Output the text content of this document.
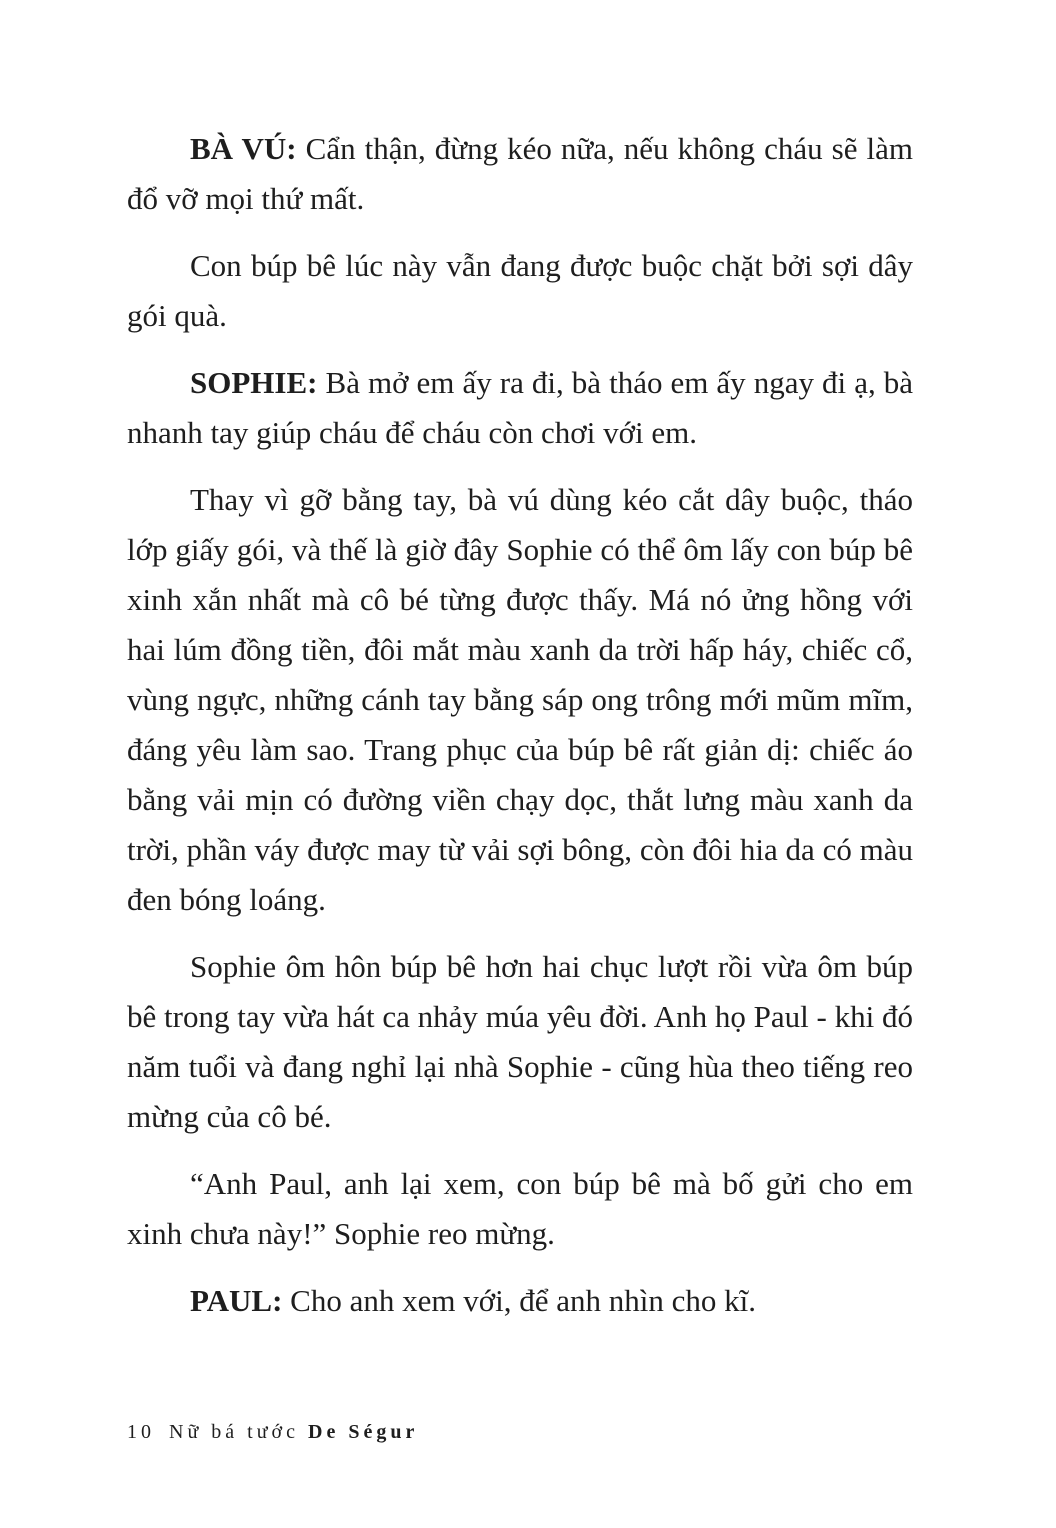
BÀ VÚ: Cẩn thận, đừng kéo nữa, nếu không cháu sẽ làm đổ vỡ mọi thứ mất.

Con búp bê lúc này vẫn đang được buộc chặt bởi sợi dây gói quà.

SOPHIE: Bà mở em ấy ra đi, bà tháo em ấy ngay đi ạ, bà nhanh tay giúp cháu để cháu còn chơi với em.

Thay vì gỡ bằng tay, bà vú dùng kéo cắt dây buộc, tháo lớp giấy gói, và thế là giờ đây Sophie có thể ôm lấy con búp bê xinh xắn nhất mà cô bé từng được thấy. Má nó ửng hồng với hai lúm đồng tiền, đôi mắt màu xanh da trời hấp háy, chiếc cổ, vùng ngực, những cánh tay bằng sáp ong trông mới mũm mĩm, đáng yêu làm sao. Trang phục của búp bê rất giản dị: chiếc áo bằng vải mịn có đường viền chạy dọc, thắt lưng màu xanh da trời, phần váy được may từ vải sợi bông, còn đôi hia da có màu đen bóng loáng.

Sophie ôm hôn búp bê hơn hai chục lượt rồi vừa ôm búp bê trong tay vừa hát ca nhảy múa yêu đời. Anh họ Paul - khi đó năm tuổi và đang nghỉ lại nhà Sophie - cũng hùa theo tiếng reo mừng của cô bé.

“Anh Paul, anh lại xem, con búp bê mà bố gửi cho em xinh chưa này!” Sophie reo mừng.

PAUL: Cho anh xem với, để anh nhìn cho kĩ.

10 Nữ bá tước De Ségur
